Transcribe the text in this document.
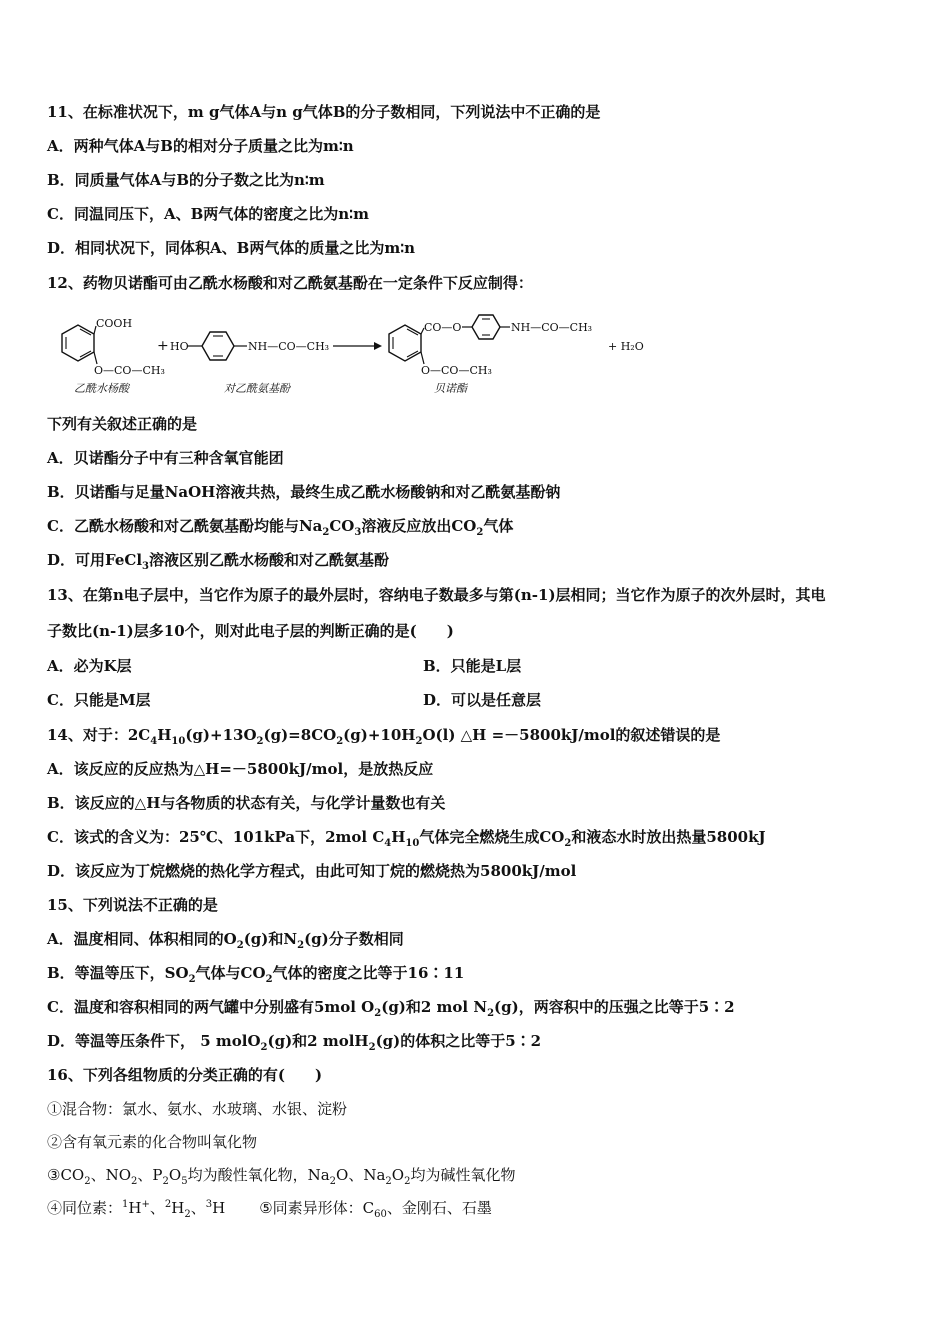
11、在标准状况下，m g气体A与n g气体B的分子数相同，下列说法中不正确的是
A．两种气体A与B的相对分子质量之比为m∶n
B．同质量气体A与B的分子数之比为n∶m
C．同温同压下，A、B两气体的密度之比为n∶m
D．相同状况下，同体积A、B两气体的质量之比为m∶n
12、药物贝诺酯可由乙酰水杨酸和对乙酰氨基酚在一定条件下反应制得：
COOH
O—CO—CH₃
乙酰水杨酸
+ HO	NH—CO—CH₃
对乙酰氨基酚
CO—O	NH—CO—CH₃
O—CO—CH₃
贝诺酯
+ H₂O
下列有关叙述正确的是
A．贝诺酯分子中有三种含氧官能团
B．贝诺酯与足量NaOH溶液共热，最终生成乙酰水杨酸钠和对乙酰氨基酚钠
C．乙酰水杨酸和对乙酰氨基酚均能与$Na_2CO_3$溶液反应放出$CO_2$气体
D．可用FeCl$_3$溶液区别乙酰水杨酸和对乙酰氨基酚
13、在第n电子层中，当它作为原子的最外层时，容纳电子数最多与第(n-1)层相同；当它作为原子的次外层时，其电
子数比(n-1)层多10个，则对此电子层的判断正确的是(　　)
A．必为K层	B．只能是L层
C．只能是M层	D．可以是任意层
14、对于：$2C_4H_{10}(g)+13O_2(g)=8CO_2(g)+10H_2O(l)$ △H =－5800kJ/mol的叙述错误的是
A．该反应的反应热为△H=－5800kJ/mol，是放热反应
B．该反应的△H与各物质的状态有关，与化学计量数也有关
C．该式的含义为：25℃、101kPa下，2mol $C_4H_{10}$气体完全燃烧生成$CO_2$和液态水时放出热量5800kJ
D．该反应为丁烷燃烧的热化学方程式，由此可知丁烷的燃烧热为5800kJ/mol
15、下列说法不正确的是
A．温度相同、体积相同的$O_2(g)$和$N_2(g)$分子数相同
B．等温等压下，$SO_2$气体与$CO_2$气体的密度之比等于16∶11
C．温度和容积相同的两气罐中分别盛有5mol $O_2(g)$和2 mol $N_2(g)$，两容积中的压强之比等于5∶2
D．等温等压条件下， 5 molO$_2$(g)和2 molH$_2$(g)的体积之比等于5∶2
16、下列各组物质的分类正确的有(　　)
①混合物：氯水、氨水、水玻璃、水银、淀粉
②含有氧元素的化合物叫氧化物
$③CO_2$、$NO_2$、$P_2O_5$均为酸性氧化物，$Na_2O$、$Na_2O_2$均为碱性氧化物
④同位素：$^1$H+、$^2H_2$、$^3$H ⑤同素异形体：$C_{60}$、金刚石、石墨
